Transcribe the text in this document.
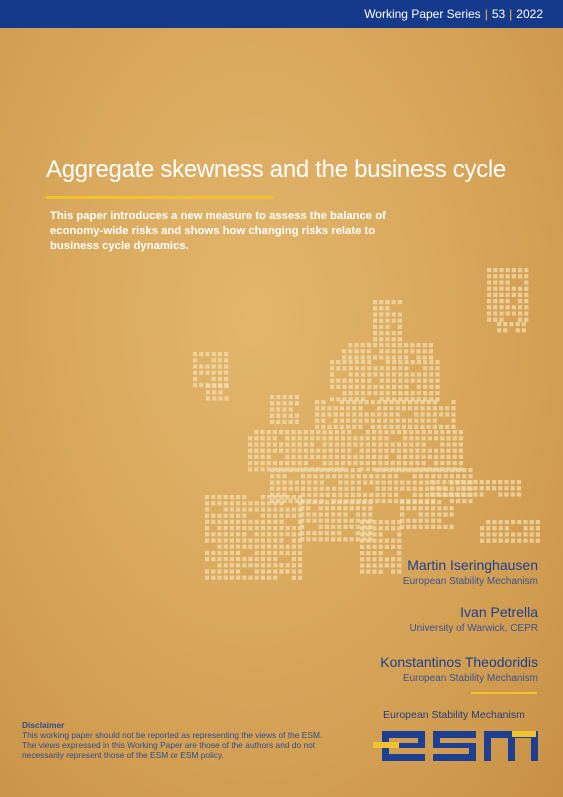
Working Paper Series | 53 | 2022
Aggregate skewness and the business cycle
This paper introduces a new measure to assess the balance of economy-wide risks and shows how changing risks relate to business cycle dynamics.
Martin Iseringhausen
European Stability Mechanism
Ivan Petrella
University of Warwick, CEPR
Konstantinos Theodoridis
European Stability Mechanism
Disclaimer
This working paper should not be reported as representing the views of the ESM. The views expressed in this Working Paper are those of the authors and do not necessarily represent those of the ESM or ESM policy.
European Stability Mechanism
